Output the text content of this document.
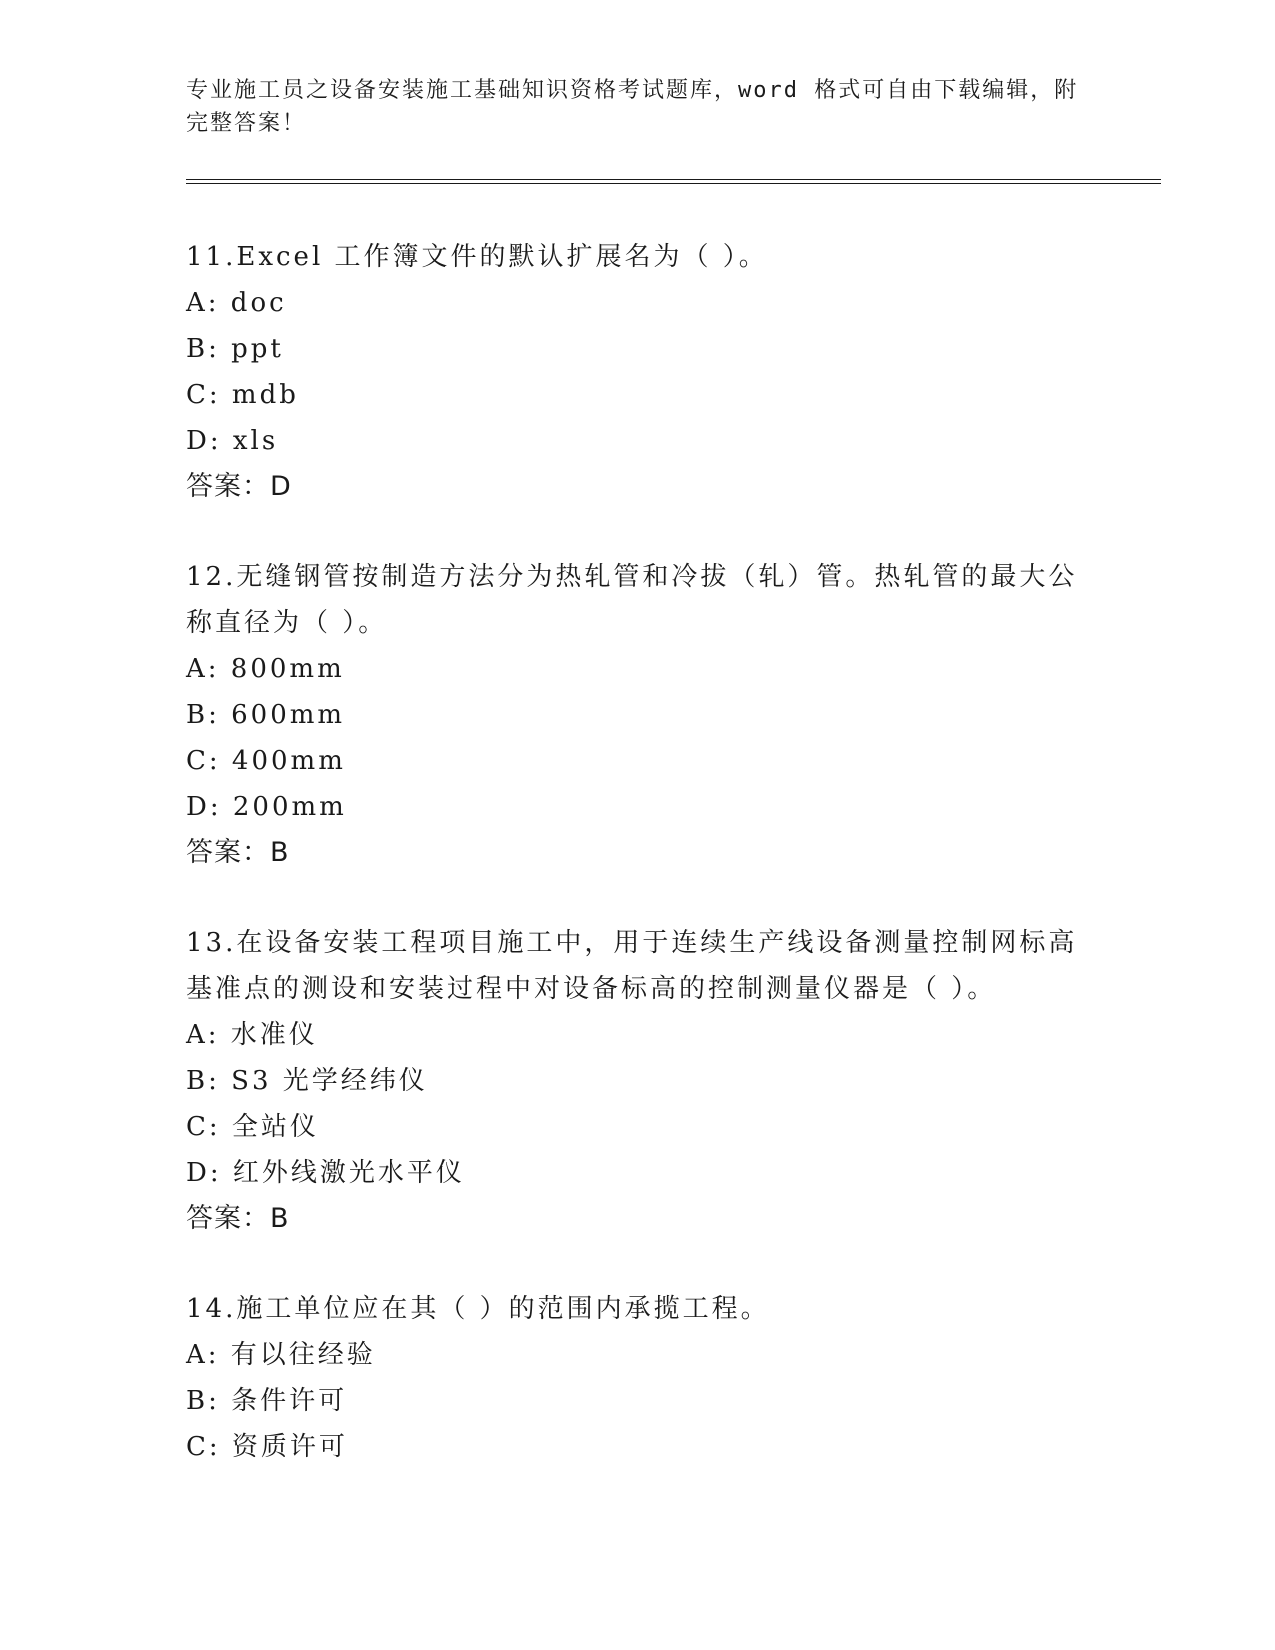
专业施工员之设备安装施工基础知识资格考试题库，word 格式可自由下载编辑，附完整答案！

11.Excel 工作簿文件的默认扩展名为（ ）。

A: doc

B: ppt

C: mdb

D: xls

答案：D

12.无缝钢管按制造方法分为热轧管和冷拔（轧）管。热轧管的最大公称直径为（ ）。

A: 800mm

B: 600mm

C: 400mm

D: 200mm

答案：B

13.在设备安装工程项目施工中，用于连续生产线设备测量控制网标高基准点的测设和安装过程中对设备标高的控制测量仪器是（ ）。

A: 水准仪

B: S3 光学经纬仪

C: 全站仪

D: 红外线激光水平仪

答案：B

14.施工单位应在其（ ）的范围内承揽工程。

A: 有以往经验

B: 条件许可

C: 资质许可
